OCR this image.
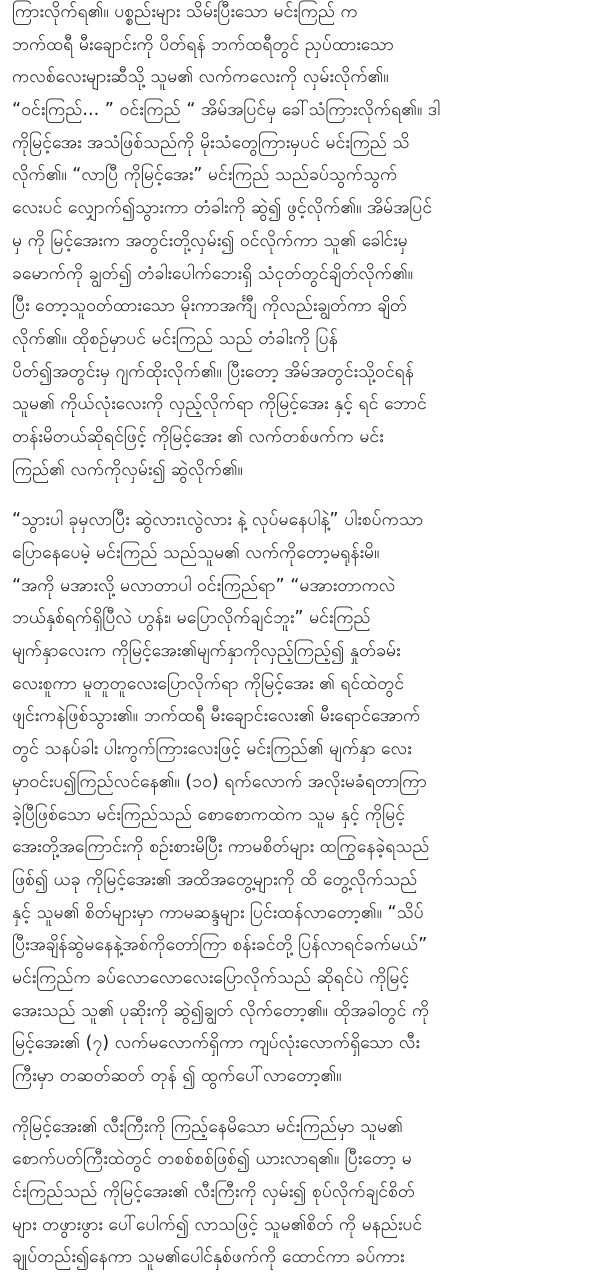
ကြားလိုက်ရ၏။ ပစ္စည်းများ သိမ်းပြီးသော မင်းကြည် က
ဘက်ထရီ မီးချောင်းကို ပိတ်ရန် ဘက်ထရီတွင် ညှပ်ထားသော
ကလစ်လေးများဆီသို့ သူမ၏ လက်ကလေးကို လှမ်းလိုက်၏။
“ဝင်းကြည်... ” ဝင်းကြည် “ အိမ်အပြင်မှ ခေါ်သံကြားလိုက်ရ၏။ ဒါ
ကိုမြင့်အေး အသံဖြစ်သည်ကို မိုးသံတွေကြားမှပင် မင်းကြည် သိ
လိုက်၏။ “လာပြီ ကိုမြင့်အေး” မင်းကြည် သည်ခပ်သွက်သွက်
လေးပင် လျှောက်၍သွားကာ တံခါးကို ဆွဲ၍ ဖွင့်လိုက်၏။ အိမ်အပြင်
မှ ကို မြင့်အေးက အတွင်းတို့လှမ်း၍ ဝင်လိုက်ကာ သူ၏ ခေါင်းမှ
ခမောက်ကို ချွတ်၍ တံခါးပေါက်ဘေးရှိ သံငုတ်တွင်ချိတ်လိုက်၏။
ပြီး တော့သူဝတ်ထားသော မိုးကာအင်္ကျီ ကိုလည်းချွတ်ကာ ချိတ်
လိုက်၏။ ထိုစဉ်မှာပင် မင်းကြည် သည် တံခါးကို ပြန်
ပိတ်၍အတွင်းမှ ဂျက်ထိုးလိုက်၏။ ပြီးတော့ အိမ်အတွင်းသို့ဝင်ရန်
သူမ၏ ကိုယ်လုံးလေးကို လှည့်လိုက်ရာ ကိုမြင့်အေး နှင့် ရင် ဘောင်
တန်းမိတယ်ဆိုရင်ဖြင့် ကိုမြင့်အေး ၏ လက်တစ်ဖက်က မင်း
ကြည်၏ လက်ကိုလှမ်း၍ ဆွဲလိုက်၏။
“သွားပါ ခုမှလာပြီး ဆွဲလားၤလွဲလား နဲ့ လုပ်မနေပါနဲ့” ပါးစပ်ကသာ
ပြောနေပေမဲ့ မင်းကြည် သည်သူမ၏ လက်ကိုတော့မရုန်းမိ။
“အကို မအားလို့ မလာတာပါ ဝင်းကြည်ရာ” “မအားတာကလဲ
ဘယ်နှစ်ရက်ရှိပြီလဲ ဟွန်း၊ မပြောလိုက်ချင်ဘူး” မင်းကြည်
မျက်နှာလေးက ကိုမြင့်အေး၏မျက်နှာကိုလှည့်ကြည့်၍ နှုတ်ခမ်း
လေးစူကာ မူတူတူလေးပြောလိုက်ရာ ကိုမြင့်အေး ၏ ရင်ထဲတွင်
ဖျင်းကနဲဖြစ်သွား၏။ ဘက်ထရီ မီးချောင်းလေး၏ မီးရောင်အောက်
တွင် သနပ်ခါး ပါးကွက်ကြားလေးဖြင့် မင်းကြည်၏ မျက်နှာ လေး
မှာဝင်းပ၍ကြည်လင်နေ၏။ (၁၀) ရက်လောက် အလိုးမခံရတာကြာ
ခဲ့ပြီဖြစ်သော မင်းကြည်သည် စောစောကထဲက သူမ နှင့် ကိုမြင့်
အေးတို့အကြောင်းကို စဉ်းစားမိပြီး ကာမစိတ်များ ထကြွနေခဲ့ရသည်
ဖြစ်၍ ယခု ကိုမြင့်အေး၏ အထိအတွေ့များကို ထိ တွေ့လိုက်သည်
နှင့် သူမ၏ စိတ်များမှာ ကာမဆန္ဒများ ပြင်းထန်လာတော့၏။ “သိပ်
ပြီးအချိန်ဆွဲမနေနဲ့အစ်ကိုတော်ကြာ စန်းခင်တို့ ပြန်လာရင်ခက်မယ်”
မင်းကြည်က ခပ်လောလောလေးပြောလိုက်သည် ဆိုရင်ပဲ ကိုမြင့်
အေးသည် သူ၏ ပုဆိုးကို ဆွဲ၍ချွတ် လိုက်တော့၏။ ထိုအခါတွင် ကို
မြင့်အေး၏ (၇) လက်မလောက်ရှိကာ ကျပ်လုံးလောက်ရှိသော လီး
ကြီးမှာ တဆတ်ဆတ် တုန် ၍ ထွက်ပေါ်လာတော့၏။
ကိုမြင့်အေး၏ လီးကြီးကို ကြည့်နေမိသော မင်းကြည်မှာ သူမ၏
စောက်ပတ်ကြီးထဲတွင် တစစ်စစ်ဖြစ်၍ ယားလာရ၏။ ပြီးတော့ မ
င်းကြည်သည် ကိုမြင့်အေး၏ လီးကြီးကို လှမ်း၍ စုပ်လိုက်ချင်စိတ်
များ တဖွားဖွား ပေါ်ပေါက်၍ လာသဖြင့် သူမ၏စိတ် ကို မနည်းပင်
ချုပ်တည်း၍နေကာ သူမ၏ပေါင်နှစ်ဖက်ကို ထောင်ကာ ခပ်ကား
